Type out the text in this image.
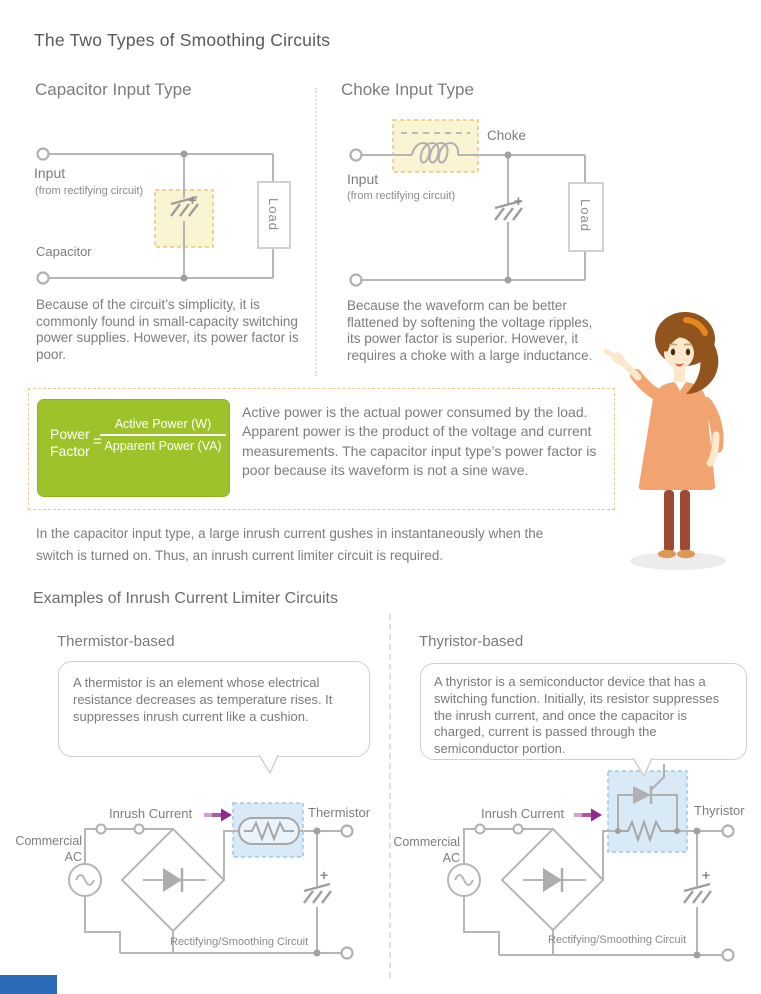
The Two Types of Smoothing Circuits
Capacitor Input Type	Choke Input Type
+
Input
(from rectifying circuit)
Capacitor
Load
Because of the circuit’s simplicity, it is commonly found in small-capacity switching power supplies. However, its power factor is poor.
Choke
+
Input
(from rectifying circuit)
Load
Because the waveform can be better flattened by softening the voltage ripples, its power factor is superior. However, it requires a choke with a large inductance.
Power
Factor
=
Active Power (W)
Apparent Power (VA)
Active power is the actual power consumed by the load. Apparent power is the product of the voltage and current measurements. The capacitor input type’s power factor is poor because its waveform is not a sine wave.
In the capacitor input type, a large inrush current gushes in instantaneously when the switch is turned on. Thus, an inrush current limiter circuit is required.
Examples of Inrush Current Limiter Circuits
Thermistor-based	Thyristor-based
Inrush Current	Thermistor
Commercial
AC
+
Rectifying/Smoothing Circuit
Inrush Current	Thyristor
Commercial
AC
+
Rectifying/Smoothing Circuit
A thermistor is an element whose electrical resistance decreases as temperature rises. It suppresses inrush current like a cushion.
A thyristor is a semiconductor device that has a switching function. Initially, its resistor suppresses the inrush current, and once the capacitor is charged, current is passed through the semiconductor portion.
